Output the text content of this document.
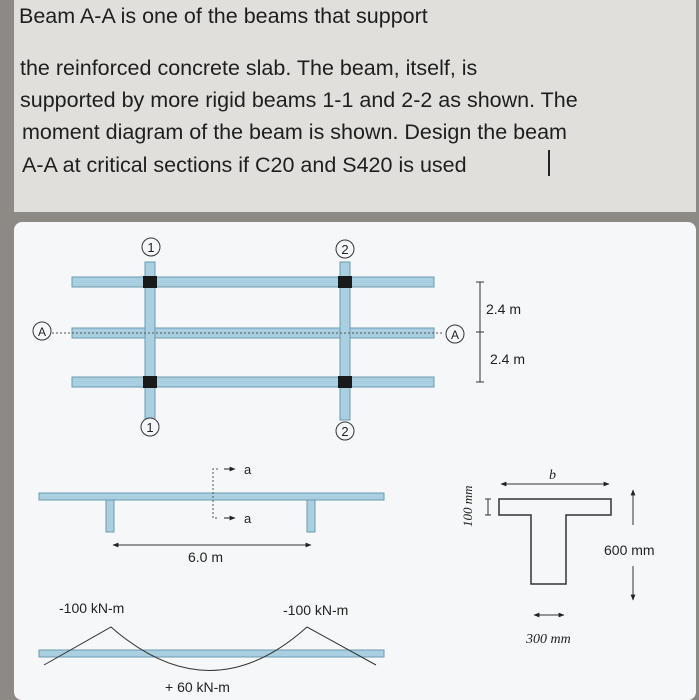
Beam A-A is one of the beams that support
the reinforced concrete slab. The beam, itself, is
supported by more rigid beams 1-1 and 2-2 as shown. The
moment diagram of the beam is shown. Design the beam
A-A at critical sections if C20 and S420 is used
1	2
1	2
A	A
2.4 m
2.4 m
a
a
6.0 m
b
100 mm
600 mm
300 mm
-100 kN-m	-100 kN-m
+ 60 kN-m
